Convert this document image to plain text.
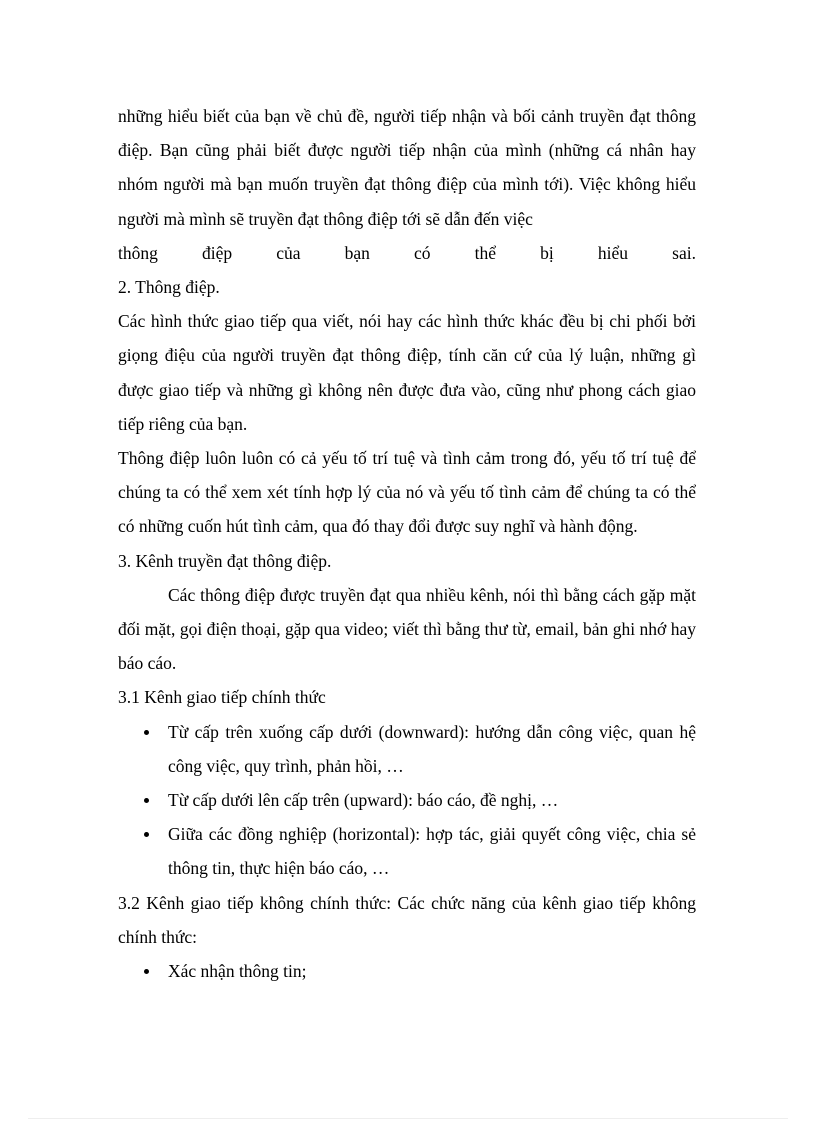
những hiểu biết của bạn về chủ đề, người tiếp nhận và bối cảnh truyền đạt thông điệp. Bạn cũng phải biết được người tiếp nhận của mình (những cá nhân hay nhóm người mà bạn muốn truyền đạt thông điệp của mình tới). Việc không hiểu người mà mình sẽ truyền đạt thông điệp tới sẽ dẫn đến việc

thông	điệp	của	bạn	có	thể	bị	hiểu	sai.

2. Thông điệp.

Các hình thức giao tiếp qua viết, nói hay các hình thức khác đều bị chi phối bởi giọng điệu của người truyền đạt thông điệp, tính căn cứ của lý luận, những gì được giao tiếp và những gì không nên được đưa vào, cũng như phong cách giao tiếp riêng của bạn.

Thông điệp luôn luôn có cả yếu tố trí tuệ và tình cảm trong đó, yếu tố trí tuệ để chúng ta có thể xem xét tính hợp lý của nó và yếu tố tình cảm để chúng ta có thể có những cuốn hút tình cảm, qua đó thay đổi được suy nghĩ và hành động.

3. Kênh truyền đạt thông điệp.

Các thông điệp được truyền đạt qua nhiều kênh, nói thì bằng cách gặp mặt đối mặt, gọi điện thoại, gặp qua video; viết thì bằng thư từ, email, bản ghi nhớ hay báo cáo.

3.1 Kênh giao tiếp chính thức

Từ cấp trên xuống cấp dưới (downward): hướng dẫn công việc, quan hệ công việc, quy trình, phản hồi, …
Từ cấp dưới lên cấp trên (upward): báo cáo, đề nghị, …
Giữa các đồng nghiệp (horizontal): hợp tác, giải quyết công việc, chia sẻ thông tin, thực hiện báo cáo, …

3.2 Kênh giao tiếp không chính thức: Các chức năng của kênh giao tiếp không chính thức:

Xác nhận thông tin;
